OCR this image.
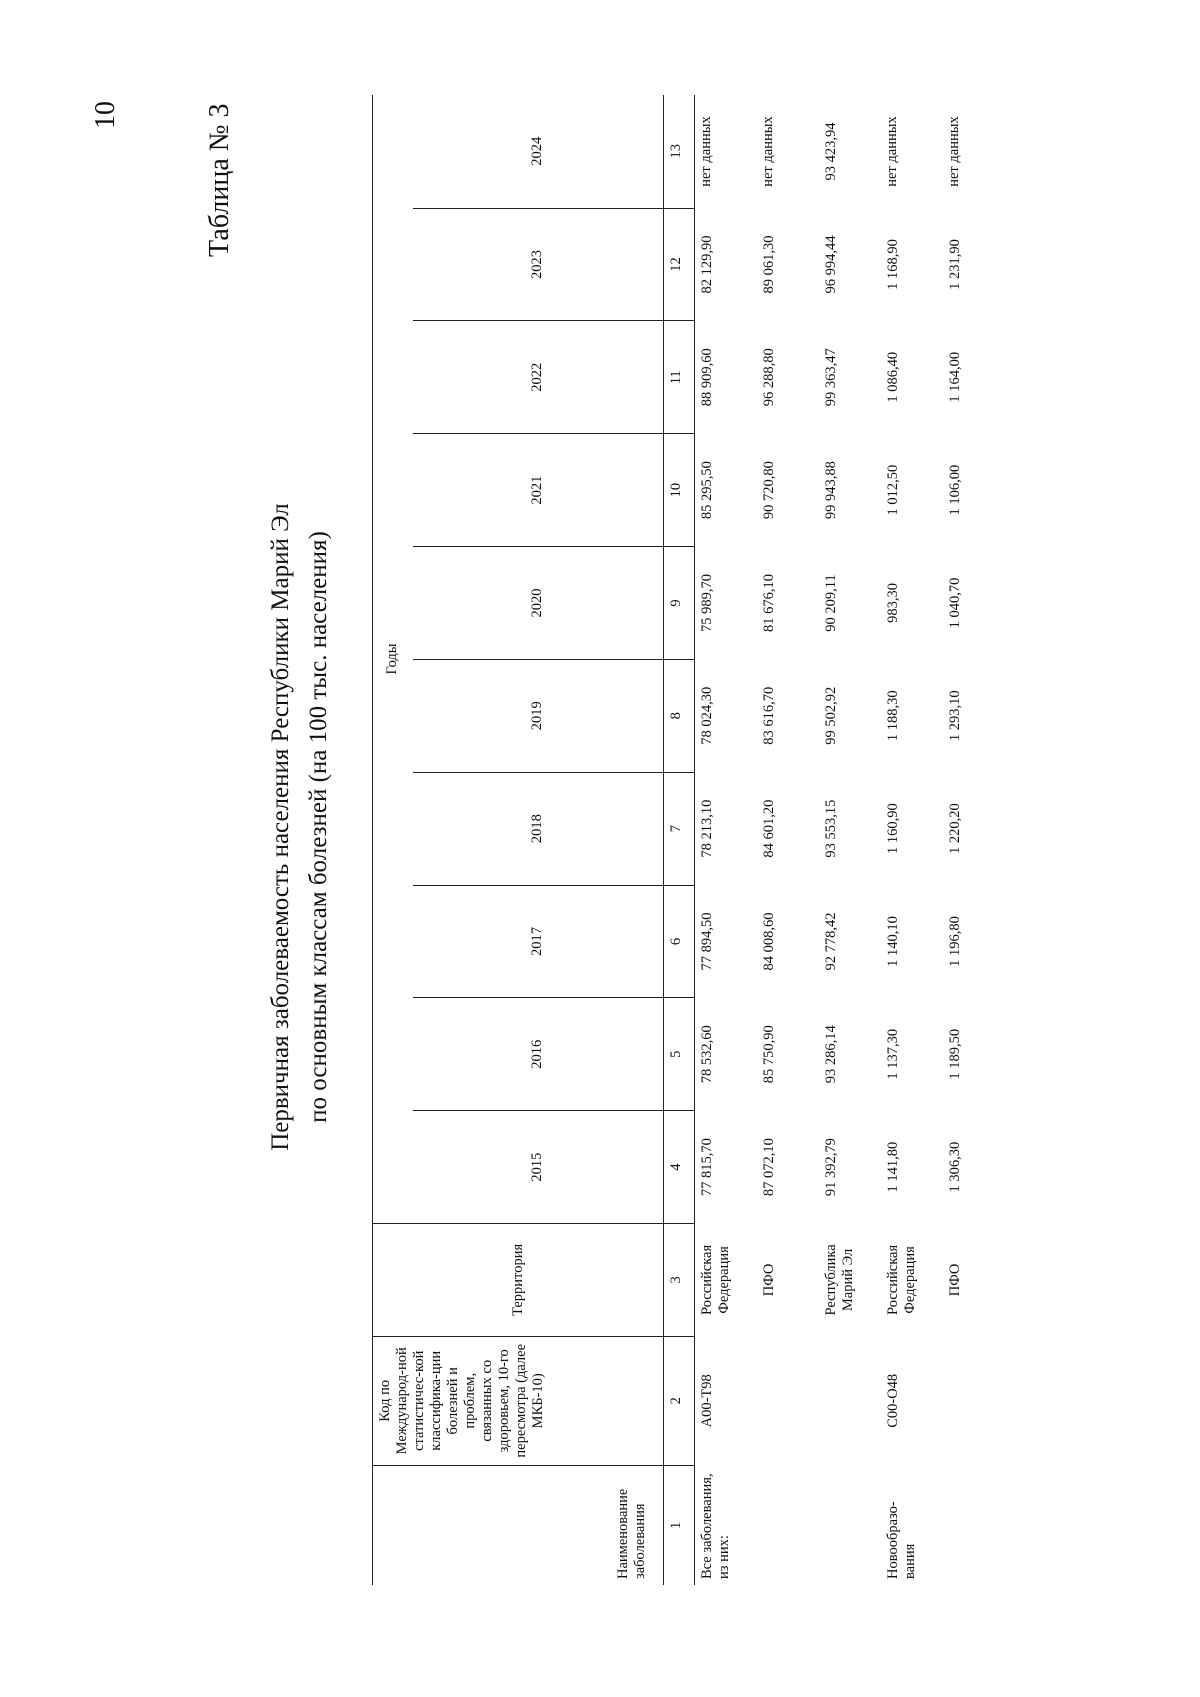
10	Таблица № 3
Первичная заболеваемость населения Республики Марий Эл по основным классам болезней (на 100 тыс. населения)
Наименование заболевания	Код по Международ-ной статистичес-кой классифика-ции болезней и проблем, связанных со здоровьем, 10-го пересмотра (далее МКБ-10)	Территория	Годы									
			2015	2016	2017	2018	2019	2020	2021	2022	2023	2024
1	2	3	4	5	6	7	8	9	10	11	12	13
Все заболевания, из них:	A00-T98	Российская Федерация	77 815,70	78 532,60	77 894,50	78 213,10	78 024,30	75 989,70	85 295,50	88 909,60	82 129,90	нет данных
		ПФО	87 072,10	85 750,90	84 008,60	84 601,20	83 616,70	81 676,10	90 720,80	96 288,80	89 061,30	нет данных
		Республика Марий Эл	91 392,79	93 286,14	92 778,42	93 553,15	99 502,92	90 209,11	99 943,88	99 363,47	96 994,44	93 423,94
Новообразо-вания	C00-O48	Российская Федерация	1 141,80	1 137,30	1 140,10	1 160,90	1 188,30	983,30	1 012,50	1 086,40	1 168,90	нет данных
		ПФО	1 306,30	1 189,50	1 196,80	1 220,20	1 293,10	1 040,70	1 106,00	1 164,00	1 231,90	нет данных
